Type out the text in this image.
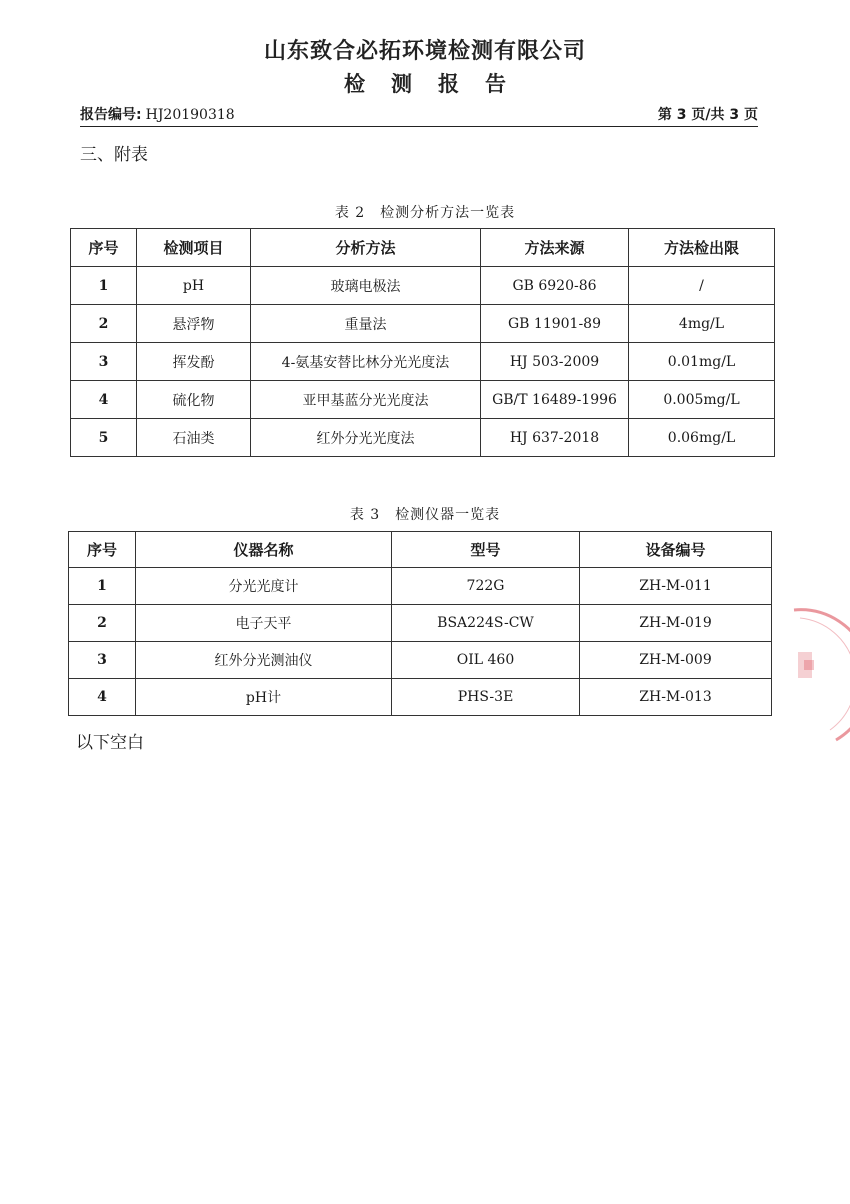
山东致合必拓环境检测有限公司
检测报告
报告编号: HJ20190318	第 3 页/共 3 页
三、附表
表 2　检测分析方法一览表
序号	检测项目	分析方法	方法来源	方法检出限
1	pH	玻璃电极法	GB 6920-86	/
2	悬浮物	重量法	GB 11901-89	4mg/L
3	挥发酚	4-氨基安替比林分光光度法	HJ 503-2009	0.01mg/L
4	硫化物	亚甲基蓝分光光度法	GB/T 16489-1996	0.005mg/L
5	石油类	红外分光光度法	HJ 637-2018	0.06mg/L
表 3　检测仪器一览表
序号	仪器名称	型号	设备编号
1	分光光度计	722G	ZH-M-011
2	电子天平	BSA224S-CW	ZH-M-019
3	红外分光测油仪	OIL 460	ZH-M-009
4	pH计	PHS-3E	ZH-M-013
以下空白
